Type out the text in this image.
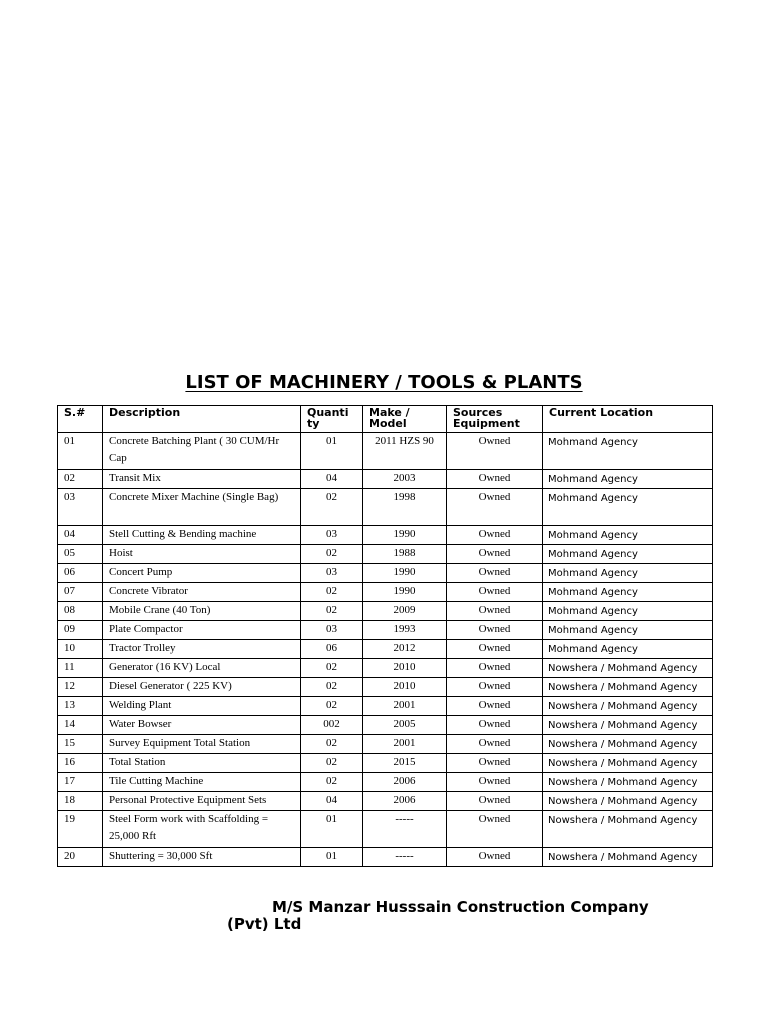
LIST OF MACHINERY / TOOLS & PLANTS
S.#	Description	Quanti ty	Make / Model	Sources Equipment	Current Location
01	Concrete Batching Plant ( 30 CUM/Hr Cap	01	2011 HZS 90	Owned	Mohmand Agency
02	Transit Mix	04	2003	Owned	Mohmand Agency
03	Concrete Mixer Machine (Single Bag)	02	1998	Owned	Mohmand Agency
04	Stell Cutting & Bending machine	03	1990	Owned	Mohmand Agency
05	Hoist	02	1988	Owned	Mohmand Agency
06	Concert Pump	03	1990	Owned	Mohmand Agency
07	Concrete Vibrator	02	1990	Owned	Mohmand Agency
08	Mobile Crane (40 Ton)	02	2009	Owned	Mohmand Agency
09	Plate Compactor	03	1993	Owned	Mohmand Agency
10	Tractor Trolley	06	2012	Owned	Mohmand Agency
11	Generator (16 KV) Local	02	2010	Owned	Nowshera / Mohmand Agency
12	Diesel Generator ( 225 KV)	02	2010	Owned	Nowshera / Mohmand Agency
13	Welding Plant	02	2001	Owned	Nowshera / Mohmand Agency
14	Water Bowser	002	2005	Owned	Nowshera / Mohmand Agency
15	Survey Equipment Total Station	02	2001	Owned	Nowshera / Mohmand Agency
16	Total Station	02	2015	Owned	Nowshera / Mohmand Agency
17	Tile Cutting Machine	02	2006	Owned	Nowshera / Mohmand Agency
18	Personal Protective Equipment Sets	04	2006	Owned	Nowshera / Mohmand Agency
19	Steel Form work with Scaffolding = 25,000 Rft	01	-----	Owned	Nowshera / Mohmand Agency
20	Shuttering = 30,000 Sft	01	-----	Owned	Nowshera / Mohmand Agency
M/S Manzar Husssain Construction Company (Pvt) Ltd
